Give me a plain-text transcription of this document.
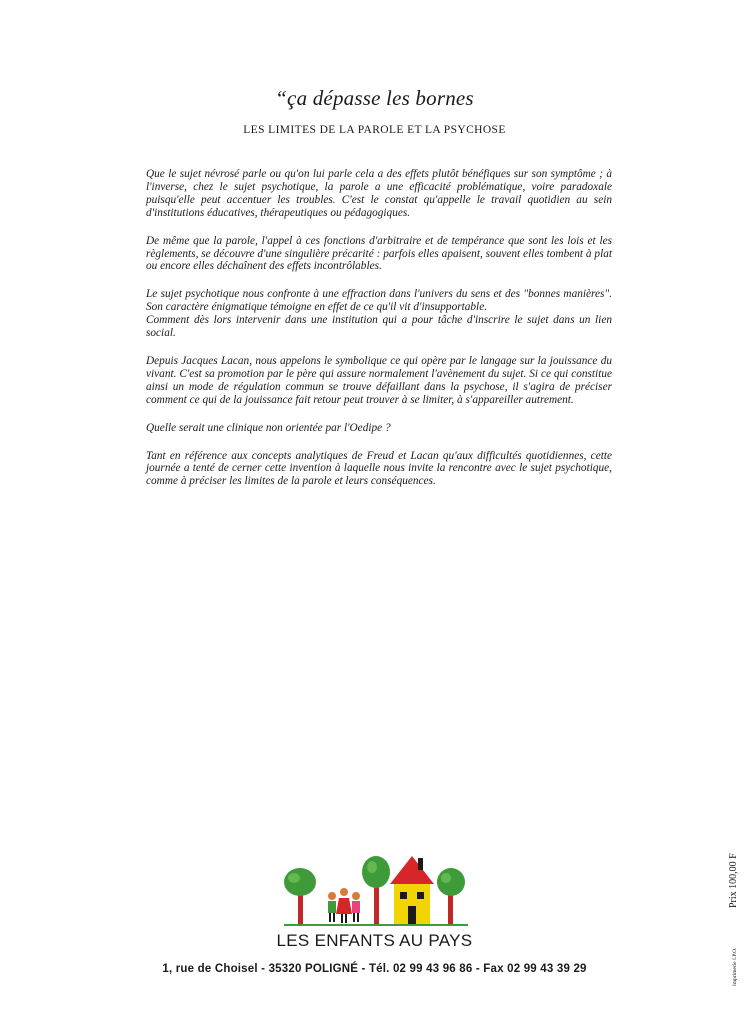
“ça dépasse les bornes
LES LIMITES DE LA PAROLE ET LA PSYCHOSE

Que le sujet névrosé parle ou qu'on lui parle cela a des effets plutôt bénéfiques sur son symptôme ; à l'inverse, chez le sujet psychotique, la parole a une efficacité problématique, voire paradoxale puisqu'elle peut accentuer les troubles. C'est le constat qu'appelle le travail quotidien au sein d'institutions éducatives, thérapeutiques ou pédagogiques.

De même que la parole, l'appel à ces fonctions d'arbitraire et de tempérance que sont les lois et les règlements, se découvre d'une singulière précarité : parfois elles apaisent, souvent elles tombent à plat ou encore elles déchaînent des effets incontrôlables.

Le sujet psychotique nous confronte à une effraction dans l'univers du sens et des "bonnes manières". Son caractère énigmatique témoigne en effet de ce qu'il vit d'insupportable.

Comment dès lors intervenir dans une institution qui a pour tâche d'inscrire le sujet dans un lien social.

Depuis Jacques Lacan, nous appelons le symbolique ce qui opère par le langage sur la jouissance du vivant. C'est sa promotion par le père qui assure normalement l'avènement du sujet. Si ce qui constitue ainsi un mode de régulation commun se trouve défaillant dans la psychose, il s'agira de préciser comment ce qui de la jouissance fait retour peut trouver à se limiter, à s'appareiller autrement.

Quelle serait une clinique non orientée par l'Oedipe ?

Tant en référence aux concepts analytiques de Freud et Lacan qu'aux difficultés quotidiennes, cette journée a tenté de cerner cette invention à laquelle nous invite la rencontre avec le sujet psychotique, comme à préciser les limites de la parole et leurs conséquences.

LES ENFANTS AU PAYS
1, rue de Choisel - 35320 POLIGNÉ - Tél. 02 99 43 96 86 - Fax 02 99 43 39 29
Prix 100,00 F
Imprimerie I.P.O.
